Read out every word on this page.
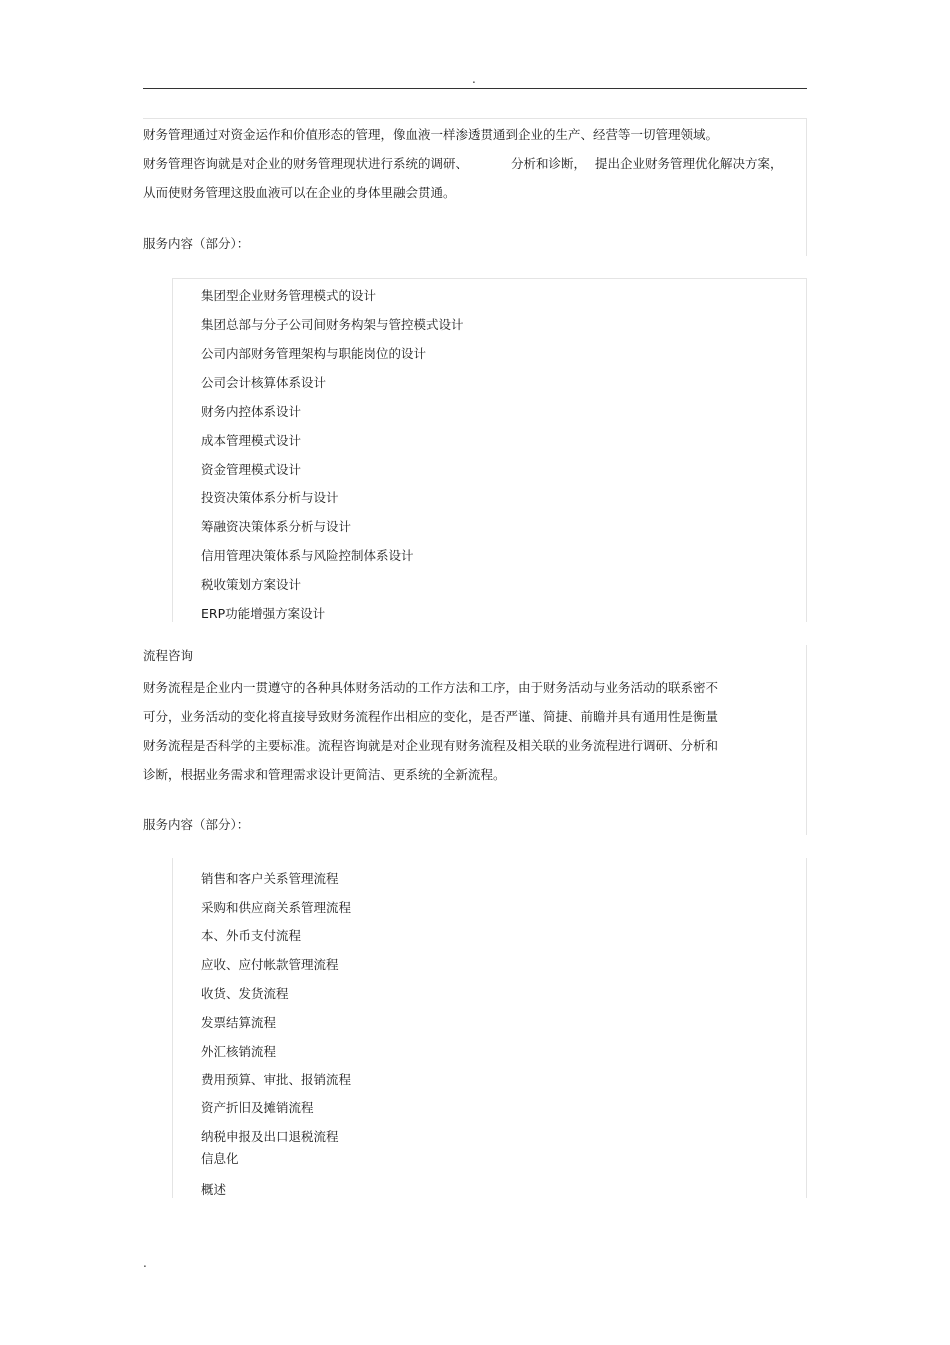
.
财务管理通过对资金运作和价值形态的管理，像血液一样渗透贯通到企业的生产、经营等一切管理领域。
财务管理咨询就是对企业的财务管理现状进行系统的调研、	分析和诊断， 提出企业财务管理优化解决方案，
从而使财务管理这股血液可以在企业的身体里融会贯通。
服务内容（部分）：
集团型企业财务管理模式的设计
集团总部与分子公司间财务构架与管控模式设计
公司内部财务管理架构与职能岗位的设计
公司会计核算体系设计
财务内控体系设计
成本管理模式设计
资金管理模式设计
投资决策体系分析与设计
筹融资决策体系分析与设计
信用管理决策体系与风险控制体系设计
税收策划方案设计
ERP功能增强方案设计
流程咨询
财务流程是企业内一贯遵守的各种具体财务活动的工作方法和工序，由于财务活动与业务活动的联系密不
可分，业务活动的变化将直接导致财务流程作出相应的变化，是否严谨、简捷、前瞻并具有通用性是衡量
财务流程是否科学的主要标准。流程咨询就是对企业现有财务流程及相关联的业务流程进行调研、分析和
诊断，根据业务需求和管理需求设计更简洁、更系统的全新流程。
服务内容（部分）：
销售和客户关系管理流程
采购和供应商关系管理流程
本、外币支付流程
应收、应付帐款管理流程
收货、发货流程
发票结算流程
外汇核销流程
费用预算、审批、报销流程
资产折旧及摊销流程
纳税申报及出口退税流程
信息化
概述
.
